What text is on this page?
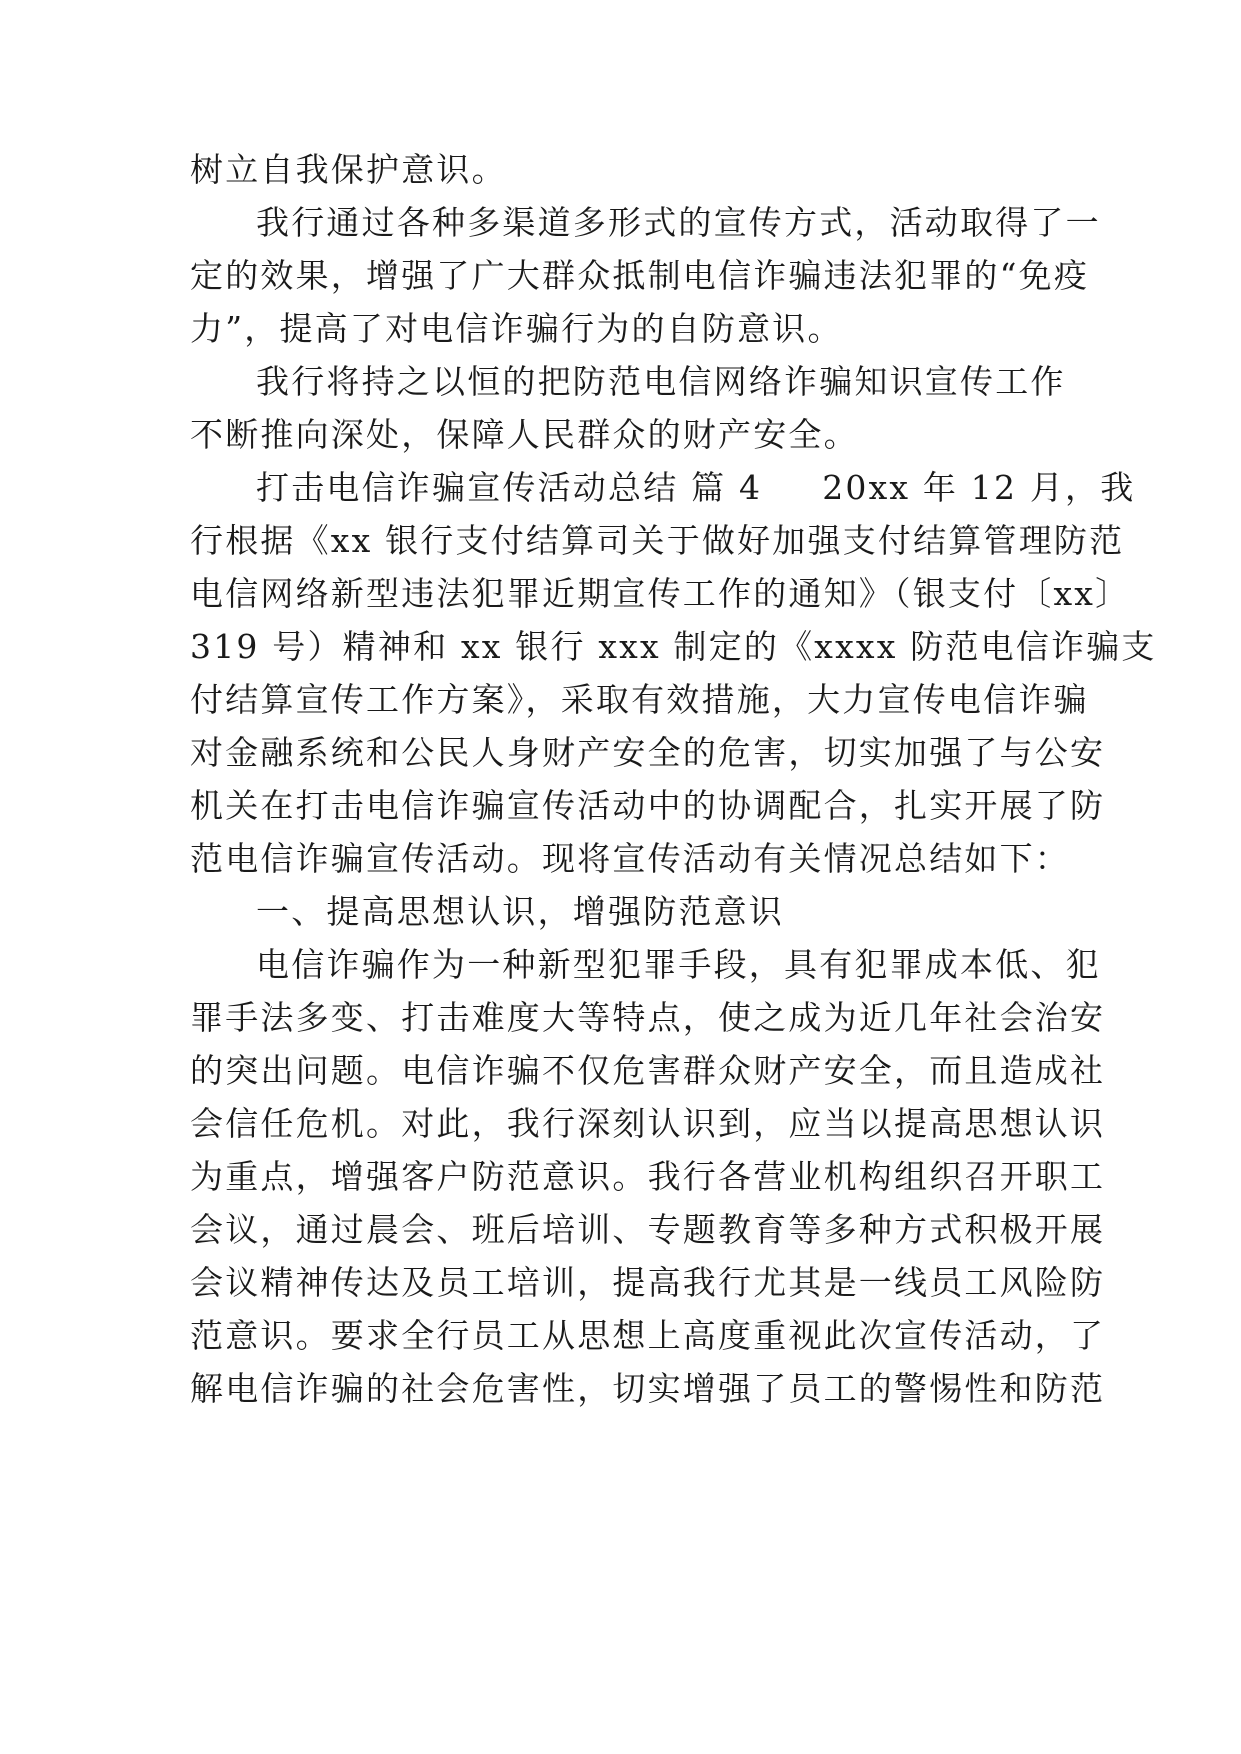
树立自我保护意识。
我行通过各种多渠道多形式的宣传方式，活动取得了一
定的效果，增强了广大群众抵制电信诈骗违法犯罪的“免疫
力”，提高了对电信诈骗行为的自防意识。
我行将持之以恒的把防范电信网络诈骗知识宣传工作
不断推向深处，保障人民群众的财产安全。
打击电信诈骗宣传活动总结 篇 4 20xx 年 12 月，我
行根据《xx 银行支付结算司关于做好加强支付结算管理防范
电信网络新型违法犯罪近期宣传工作的通知》（银支付〔xx〕
319 号）精神和 xx 银行 xxx 制定的《xxxx 防范电信诈骗支
付结算宣传工作方案》，采取有效措施，大力宣传电信诈骗
对金融系统和公民人身财产安全的危害，切实加强了与公安
机关在打击电信诈骗宣传活动中的协调配合，扎实开展了防
范电信诈骗宣传活动。现将宣传活动有关情况总结如下：
一、提高思想认识，增强防范意识
电信诈骗作为一种新型犯罪手段，具有犯罪成本低、犯
罪手法多变、打击难度大等特点，使之成为近几年社会治安
的突出问题。电信诈骗不仅危害群众财产安全，而且造成社
会信任危机。对此，我行深刻认识到，应当以提高思想认识
为重点，增强客户防范意识。我行各营业机构组织召开职工
会议，通过晨会、班后培训、专题教育等多种方式积极开展
会议精神传达及员工培训，提高我行尤其是一线员工风险防
范意识。要求全行员工从思想上高度重视此次宣传活动，了
解电信诈骗的社会危害性，切实增强了员工的警惕性和防范
